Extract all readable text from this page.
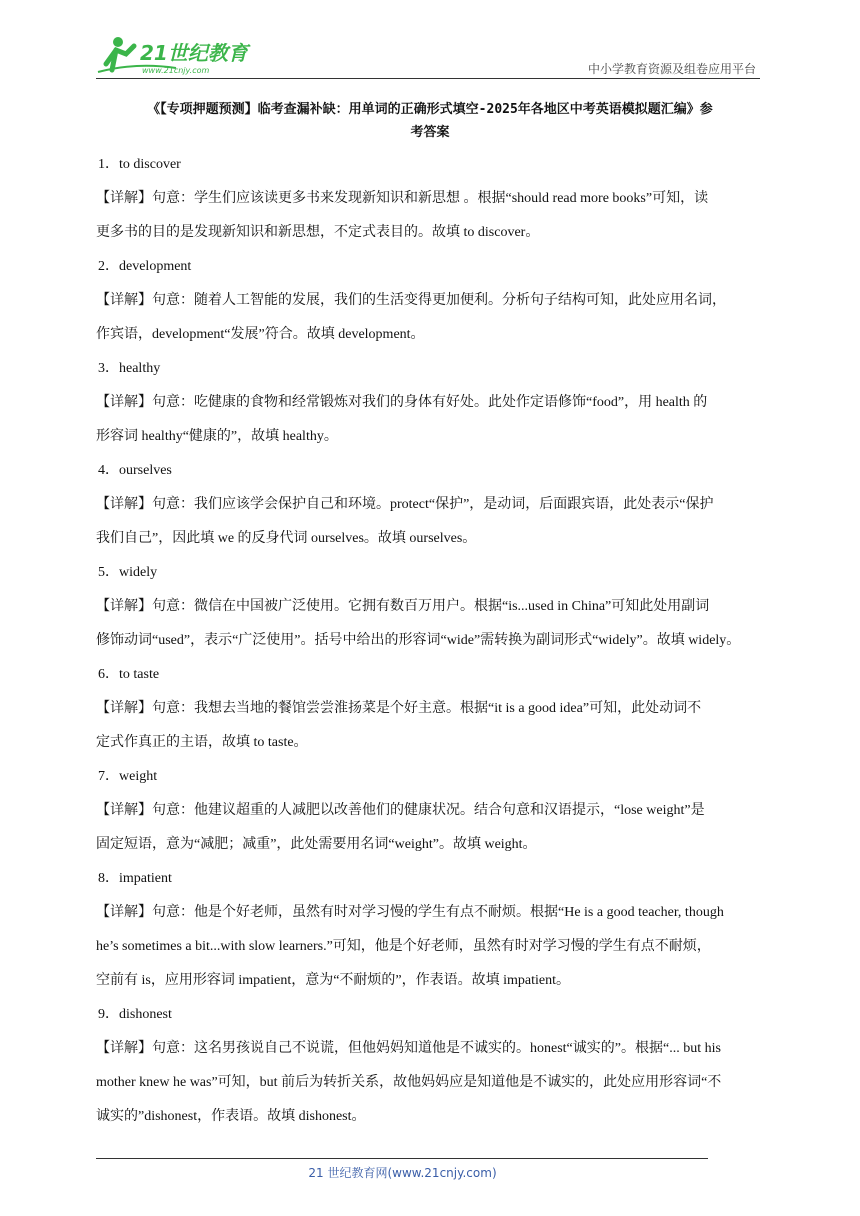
21世纪教育
www.21cnjy.com	中小学教育资源及组卷应用平台
《【专项押题预测】临考查漏补缺：用单词的正确形式填空-2025年各地区中考英语模拟题汇编》参
考答案
1．to discover
【详解】句意：学生们应该读更多书来发现新知识和新思想 。根据“should read more books”可知，读
更多书的目的是发现新知识和新思想，不定式表目的。故填 to discover。
2．development
【详解】句意：随着人工智能的发展，我们的生活变得更加便利。分析句子结构可知，此处应用名词，
作宾语，development“发展”符合。故填 development。
3．healthy
【详解】句意：吃健康的食物和经常锻炼对我们的身体有好处。此处作定语修饰“food”，用 health 的
形容词 healthy“健康的”，故填 healthy。
4．ourselves
【详解】句意：我们应该学会保护自己和环境。protect“保护”，是动词，后面跟宾语，此处表示“保护
我们自己”，因此填 we 的反身代词 ourselves。故填 ourselves。
5．widely
【详解】句意：微信在中国被广泛使用。它拥有数百万用户。根据“is...used in China”可知此处用副词
修饰动词“used”，表示“广泛使用”。括号中给出的形容词“wide”需转换为副词形式“widely”。故填 widely。
6．to taste
【详解】句意：我想去当地的餐馆尝尝淮扬菜是个好主意。根据“it is a good idea”可知，此处动词不
定式作真正的主语，故填 to taste。
7．weight
【详解】句意：他建议超重的人减肥以改善他们的健康状况。结合句意和汉语提示，“lose weight”是
固定短语，意为“减肥；减重”，此处需要用名词“weight”。故填 weight。
8．impatient
【详解】句意：他是个好老师，虽然有时对学习慢的学生有点不耐烦。根据“He is a good teacher, though
he’s sometimes a bit...with slow learners.”可知，他是个好老师，虽然有时对学习慢的学生有点不耐烦，
空前有 is，应用形容词 impatient，意为“不耐烦的”，作表语。故填 impatient。
9．dishonest
【详解】句意：这名男孩说自己不说谎，但他妈妈知道他是不诚实的。honest“诚实的”。根据“... but his
mother knew he was”可知，but 前后为转折关系，故他妈妈应是知道他是不诚实的，此处应用形容词“不
诚实的”dishonest，作表语。故填 dishonest。
21 世纪教育网(www.21cnjy.com)
